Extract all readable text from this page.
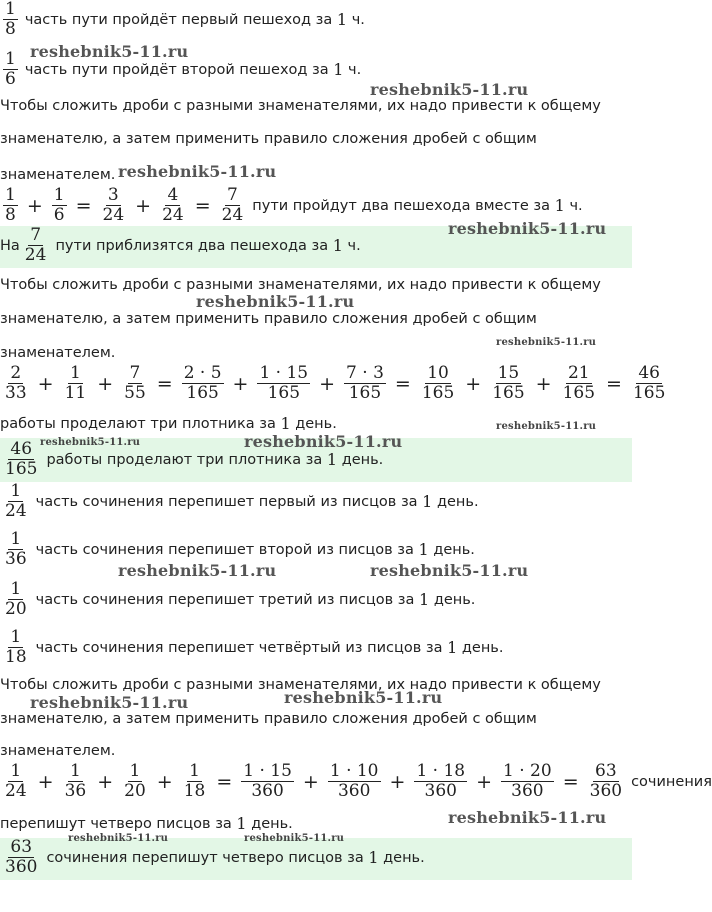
$\frac{1}{8}$ часть пути пройдёт первый пешеход за
1
ч.
$\frac{1}{6}$ часть пути пройдёт второй пешеход за
1
ч.
Чтобы сложить дроби с разными знаменателями, их надо привести к общему
знаменателю, а затем применить правило сложения дробей с общим
знаменателем.
$\frac{1}{8} + \frac{1}{6} = \frac{3}{24} + \frac{4}{24} = \frac{7}{24}$ пути пройдут два пешехода вместе за
1
ч.
На $\frac{7}{24}$ пути приблизятся два пешехода за
1
ч.
Чтобы сложить дроби с разными знаменателями, их надо привести к общему
знаменателю, а затем применить правило сложения дробей с общим
знаменателем.
$\frac{2}{33} + \frac{1}{11} + \frac{7}{55} = \frac{2 \cdot 5}{165} + \frac{1 \cdot 15}{165} + \frac{7 \cdot 3}{165} = \frac{10}{165} + \frac{15}{165} + \frac{21}{165} = \frac{46}{165}$
работы проделают три плотника за
1
день.
$\frac{46}{165}$ работы проделают три плотника за
1
день.
$\frac{1}{24}$ часть сочинения перепишет первый из писцов за
1
день.
$\frac{1}{36}$ часть сочинения перепишет второй из писцов за
1
день.
$\frac{1}{20}$ часть сочинения перепишет третий из писцов за
1
день.
$\frac{1}{18}$ часть сочинения перепишет четвёртый из писцов за
1
день.
Чтобы сложить дроби с разными знаменателями, их надо привести к общему
знаменателю, а затем применить правило сложения дробей с общим
знаменателем.
$\frac{1}{24} + \frac{1}{36} + \frac{1}{20} + \frac{1}{18} = \frac{1 \cdot 15}{360} + \frac{1 \cdot 10}{360} + \frac{1 \cdot 18}{360} + \frac{1 \cdot 20}{360} = \frac{63}{360}$ сочинения
перепишут четверо писцов за
1
день.
$\frac{63}{360}$ сочинения перепишут четверо писцов за
1
день.
reshebnik5-11.ru
reshebnik5-11.ru
reshebnik5-11.ru
reshebnik5-11.ru
reshebnik5-11.ru
reshebnik5-11.ru
reshebnik5-11.ru
reshebnik5-11.ru	reshebnik5-11.ru
reshebnik5-11.ru	reshebnik5-11.ru
reshebnik5-11.ru	reshebnik5-11.ru
reshebnik5-11.ru
reshebnik5-11.ru	reshebnik5-11.ru
